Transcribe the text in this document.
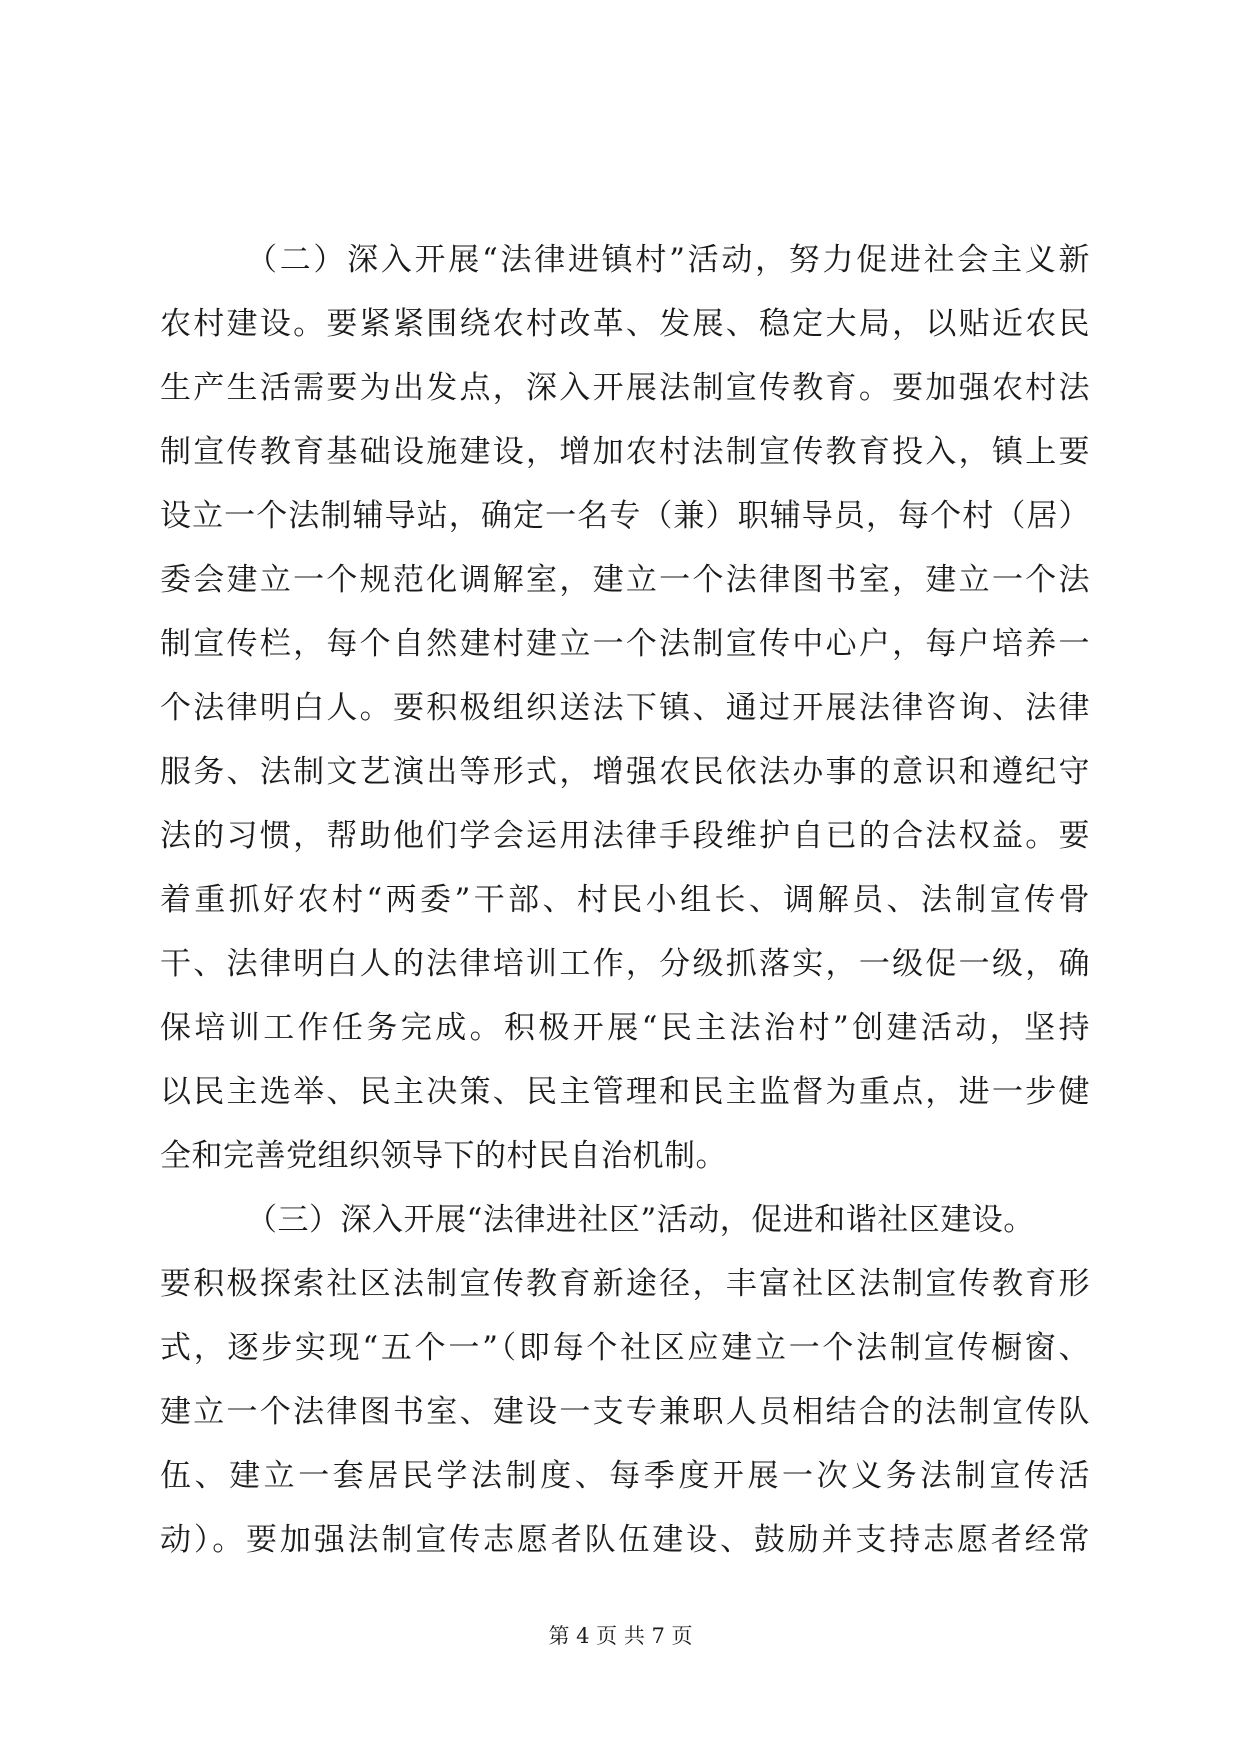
（二）深入开展“法律进镇村”活动，努力促进社会主义新
农村建设。要紧紧围绕农村改革、发展、稳定大局，以贴近农民
生产生活需要为出发点，深入开展法制宣传教育。要加强农村法
制宣传教育基础设施建设，增加农村法制宣传教育投入，镇上要
设立一个法制辅导站，确定一名专（兼）职辅导员，每个村（居）
委会建立一个规范化调解室，建立一个法律图书室，建立一个法
制宣传栏，每个自然建村建立一个法制宣传中心户，每户培养一
个法律明白人。要积极组织送法下镇、通过开展法律咨询、法律
服务、法制文艺演出等形式，增强农民依法办事的意识和遵纪守
法的习惯，帮助他们学会运用法律手段维护自已的合法权益。要
着重抓好农村“两委”干部、村民小组长、调解员、法制宣传骨
干、法律明白人的法律培训工作，分级抓落实，一级促一级，确
保培训工作任务完成。积极开展“民主法治村”创建活动，坚持
以民主选举、民主决策、民主管理和民主监督为重点，进一步健
全和完善党组织领导下的村民自治机制。
（三）深入开展“法律进社区”活动，促进和谐社区建设。
要积极探索社区法制宣传教育新途径，丰富社区法制宣传教育形
式，逐步实现“五个一”（即每个社区应建立一个法制宣传橱窗、
建立一个法律图书室、建设一支专兼职人员相结合的法制宣传队
伍、建立一套居民学法制度、每季度开展一次义务法制宣传活
动）。要加强法制宣传志愿者队伍建设、鼓励并支持志愿者经常
第 4 页 共 7 页
